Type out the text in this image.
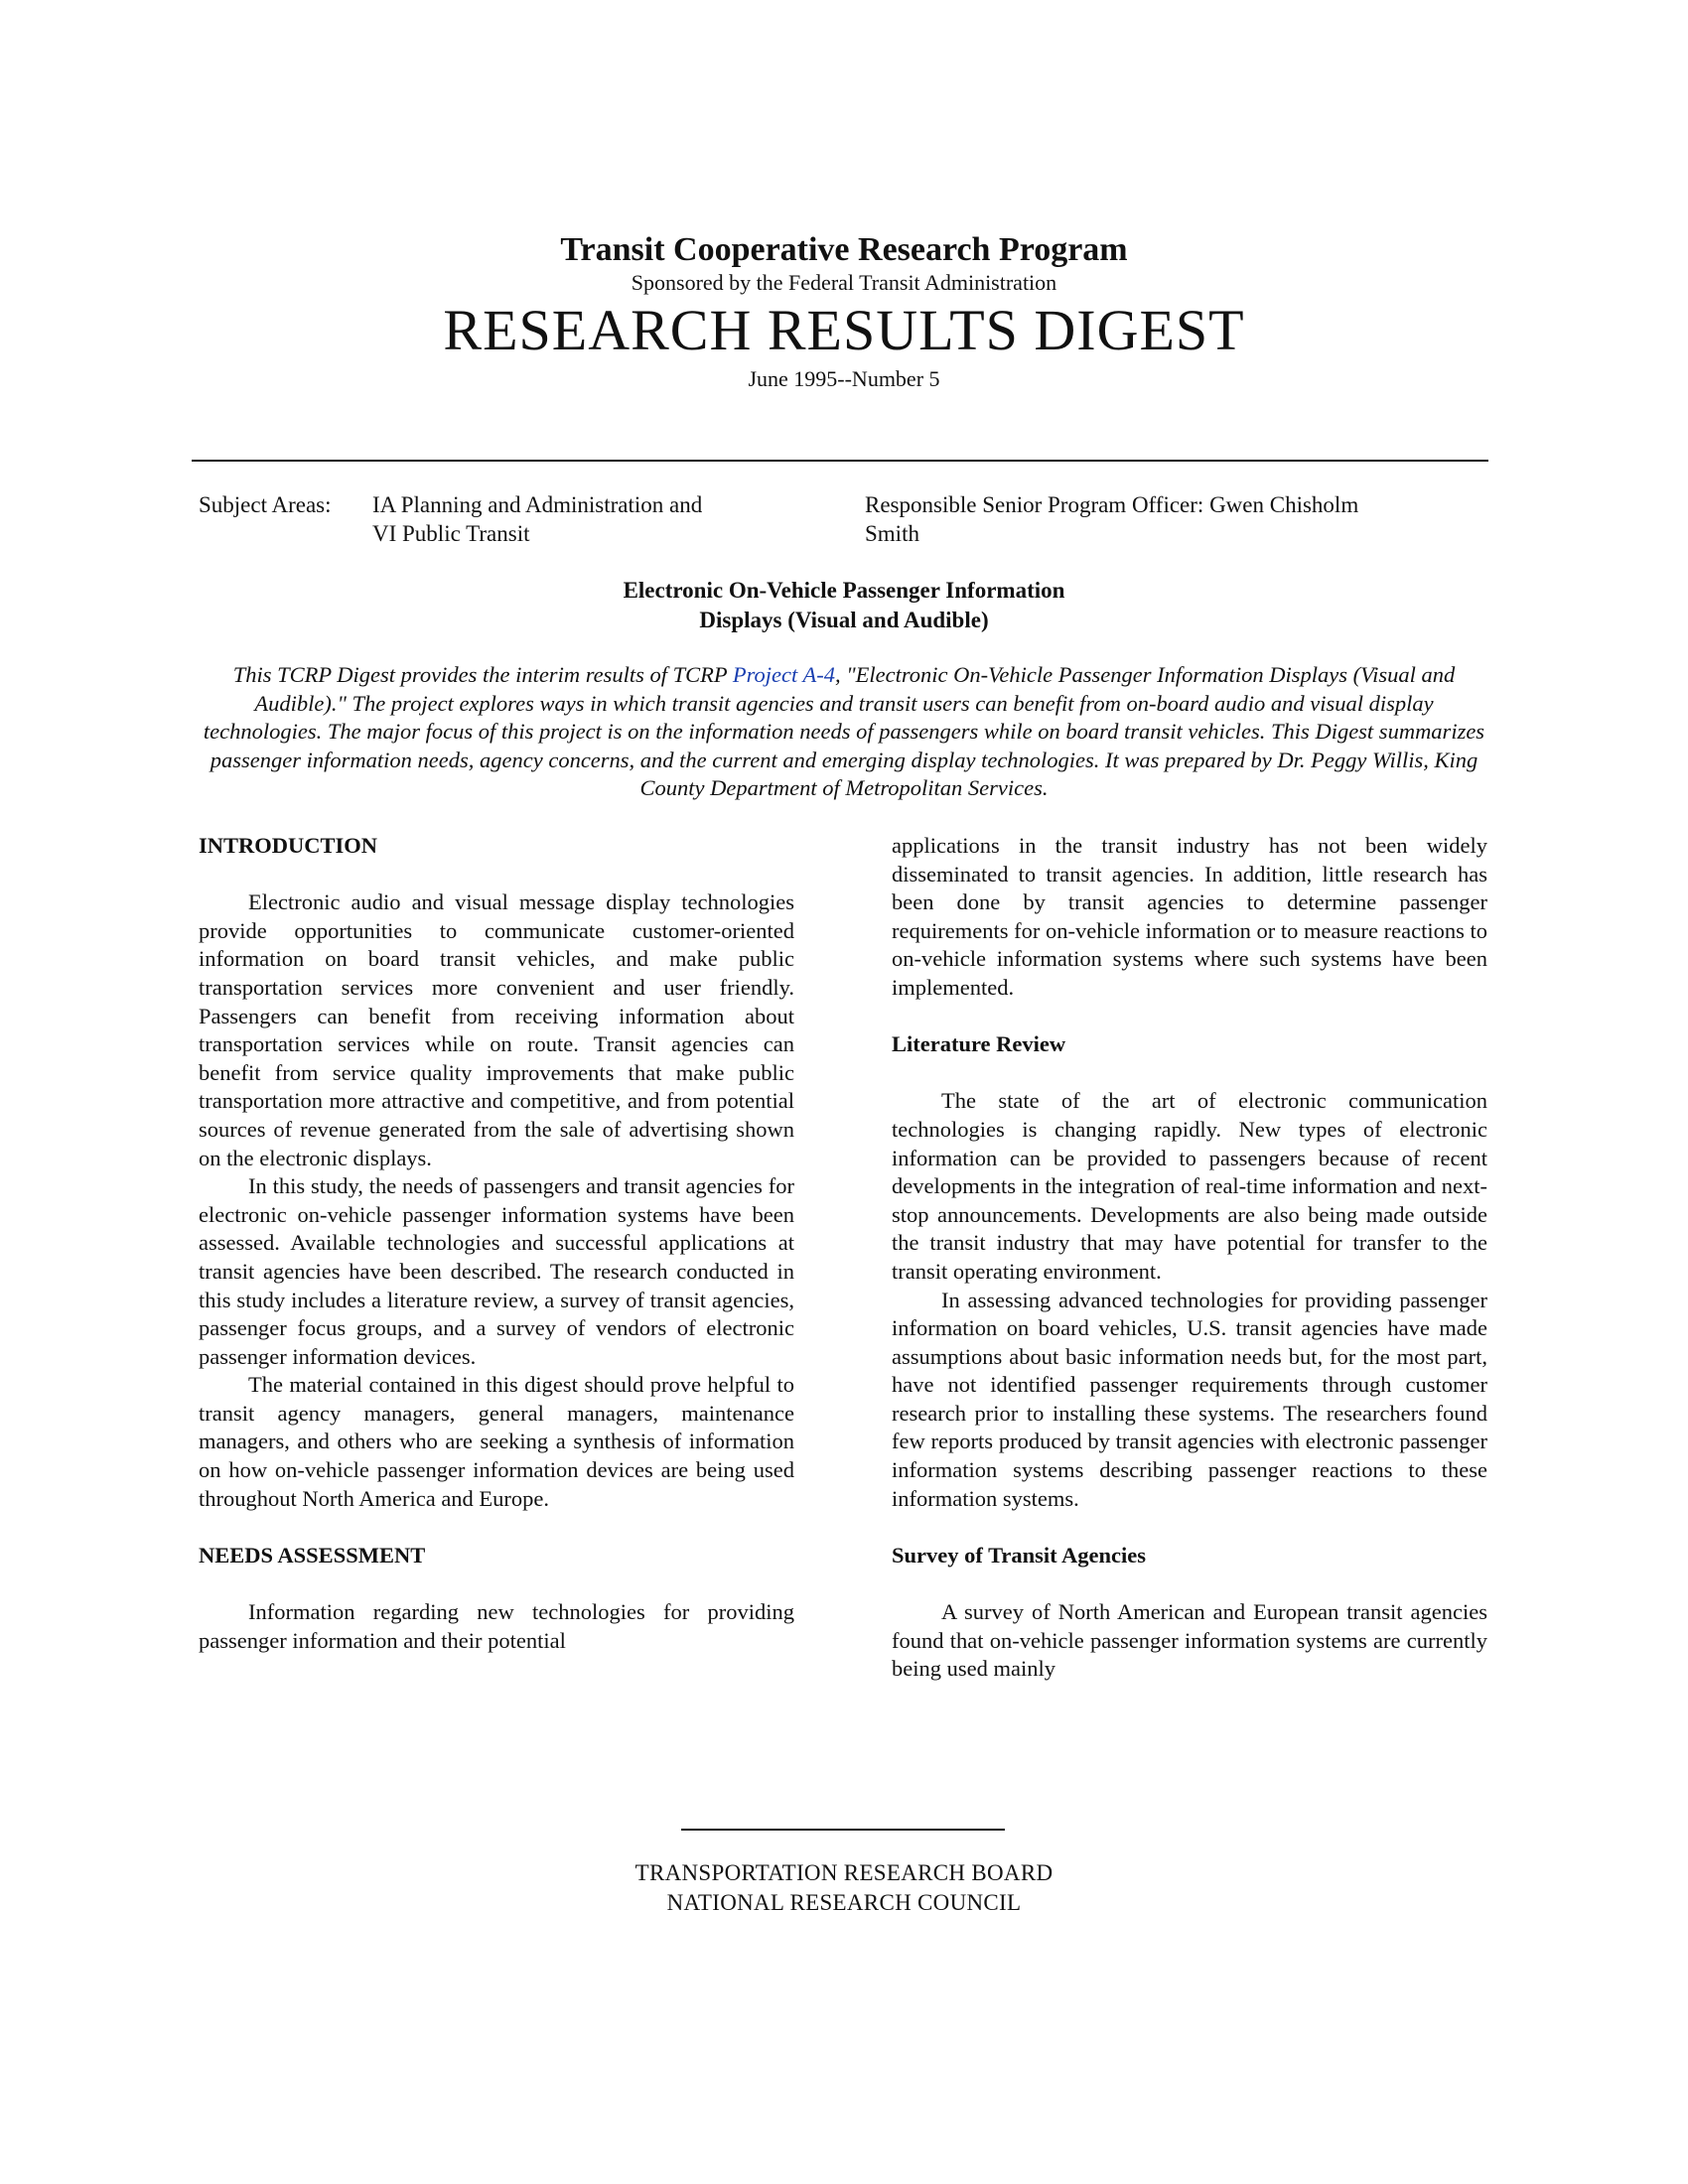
Transit Cooperative Research Program
Sponsored by the Federal Transit Administration
RESEARCH RESULTS DIGEST
June 1995--Number 5
Subject Areas:	IA Planning and Administration and
VI Public Transit
Responsible Senior Program Officer: Gwen Chisholm
Smith
Electronic On-Vehicle Passenger Information
Displays (Visual and Audible)
This TCRP Digest provides the interim results of TCRP Project A-4, "Electronic On-Vehicle Passenger Information Displays (Visual and Audible)." The project explores ways in which transit agencies and transit users can benefit from on-board audio and visual display technologies. The major focus of this project is on the information needs of passengers while on board transit vehicles. This Digest summarizes passenger information needs, agency concerns, and the current and emerging display technologies. It was prepared by Dr. Peggy Willis, King County Department of Metropolitan Services.
INTRODUCTION

Electronic audio and visual message display technologies provide opportunities to communicate customer-oriented information on board transit vehicles, and make public transportation services more convenient and user friendly. Passengers can benefit from receiving information about transportation services while on route. Transit agencies can benefit from service quality improvements that make public transportation more attractive and competitive, and from potential sources of revenue generated from the sale of advertising shown on the electronic displays.

In this study, the needs of passengers and transit agencies for electronic on-vehicle passenger information systems have been assessed. Available technologies and successful applications at transit agencies have been described. The research conducted in this study includes a literature review, a survey of transit agencies, passenger focus groups, and a survey of vendors of electronic passenger information devices.

The material contained in this digest should prove helpful to transit agency managers, general managers, maintenance managers, and others who are seeking a synthesis of information on how on-vehicle passenger information devices are being used throughout North America and Europe.

NEEDS ASSESSMENT

Information regarding new technologies for providing passenger information and their potential

applications in the transit industry has not been widely disseminated to transit agencies. In addition, little research has been done by transit agencies to determine passenger requirements for on-vehicle information or to measure reactions to on-vehicle information systems where such systems have been implemented.

Literature Review

The state of the art of electronic communication technologies is changing rapidly. New types of electronic information can be provided to passengers because of recent developments in the integration of real-time information and next-stop announcements. Developments are also being made outside the transit industry that may have potential for transfer to the transit operating environment.

In assessing advanced technologies for providing passenger information on board vehicles, U.S. transit agencies have made assumptions about basic information needs but, for the most part, have not identified passenger requirements through customer research prior to installing these systems. The researchers found few reports produced by transit agencies with electronic passenger information systems describing passenger reactions to these information systems.

Survey of Transit Agencies

A survey of North American and European transit agencies found that on-vehicle passenger information systems are currently being used mainly

TRANSPORTATION RESEARCH BOARD
NATIONAL RESEARCH COUNCIL
